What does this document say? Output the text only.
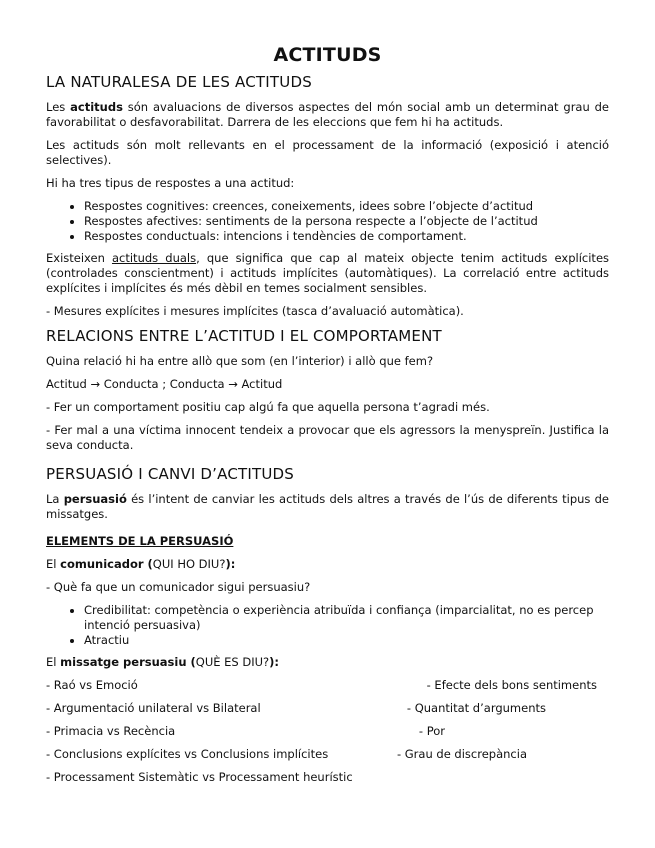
ACTITUDS
LA NATURALESA DE LES ACTITUDS

Les actituds són avaluacions de diversos aspectes del món social amb un determinat grau de favorabilitat o desfavorabilitat. Darrera de les eleccions que fem hi ha actituds.

Les actituds són molt rellevants en el processament de la informació (exposició i atenció selectives).

Hi ha tres tipus de respostes a una actitud:

• Respostes cognitives: creences, coneixements, idees sobre l’objecte d’actitud
• Respostes afectives: sentiments de la persona respecte a l’objecte de l’actitud
• Respostes conductuals: intencions i tendències de comportament.

Existeixen actituds duals, que significa que cap al mateix objecte tenim actituds explícites (controlades conscientment) i actituds implícites (automàtiques). La correlació entre actituds explícites i implícites és més dèbil en temes socialment sensibles.

- Mesures explícites i mesures implícites (tasca d’avaluació automàtica).

RELACIONS ENTRE L’ACTITUD I EL COMPORTAMENT

Quina relació hi ha entre allò que som (en l’interior) i allò que fem?

Actitud → Conducta ; Conducta → Actitud

- Fer un comportament positiu cap algú fa que aquella persona t’agradi més.

- Fer mal a una víctima innocent tendeix a provocar que els agressors la menyspreïn. Justifica la seva conducta.

PERSUASIÓ I CANVI D’ACTITUDS

La persuasió és l’intent de canviar les actituds dels altres a través de l’ús de diferents tipus de missatges.

ELEMENTS DE LA PERSUASIÓ

El comunicador (QUI HO DIU?):

- Què fa que un comunicador sigui persuasiu?

• Credibilitat: competència o experiència atribuïda i confiança (imparcialitat, no es percep intenció persuasiva)
• Atractiu

El missatge persuasiu (QUÈ ES DIU?):

- Raó vs Emoció	- Efecte dels bons sentiments
- Argumentació unilateral vs Bilateral	- Quantitat d’arguments
- Primacia vs Recència	- Por
- Conclusions explícites vs Conclusions implícites	- Grau de discrepància

- Processament Sistemàtic vs Processament heurístic
